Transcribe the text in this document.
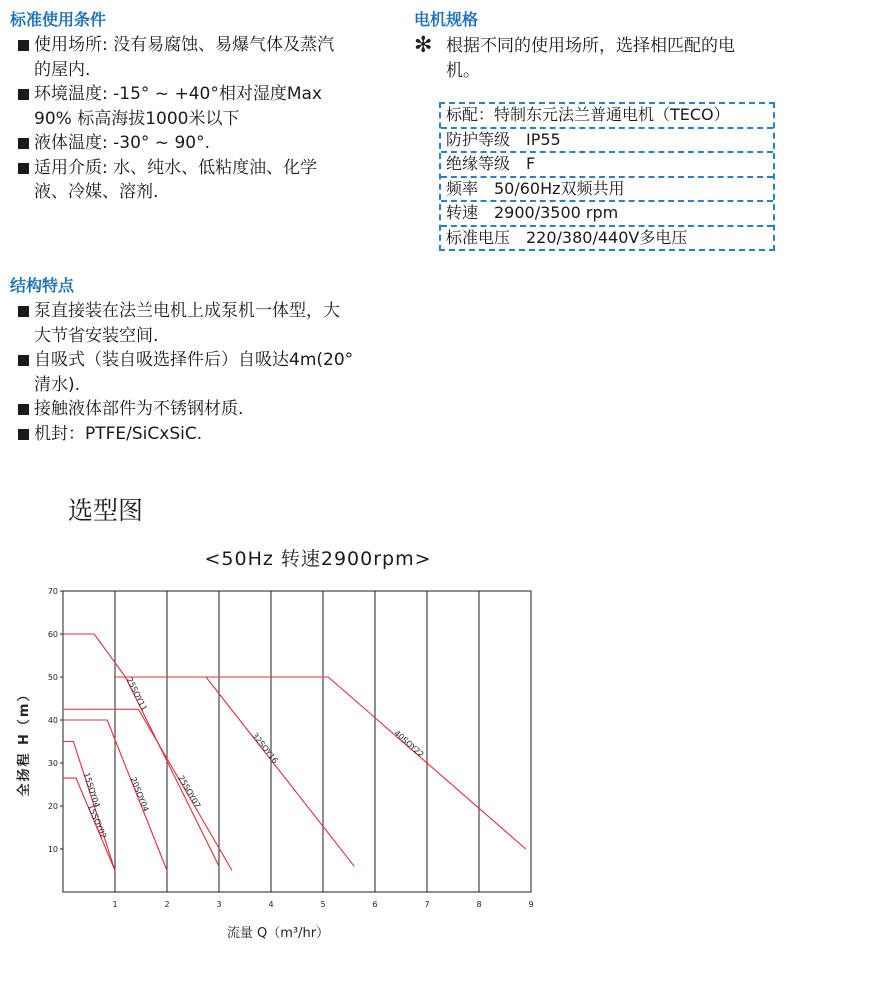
标准使用条件
使用场所: 没有易腐蚀、易爆气体及蒸汽的屋内.
环境温度: -15° ~ +40°相对湿度Max 90% 标高海拔1000米以下
液体温度: -30° ~ 90°.
适用介质: 水、纯水、低粘度油、化学液、冷媒、溶剂.
电机规格
✻ 根据不同的使用场所，选择相匹配的电机。
标配：特制东元法兰普通电机（TECO）
防护等级　IP55
绝缘等级　F
频率　50/60Hz双频共用
转速　2900/3500 rpm
标准电压　220/380/440V多电压
结构特点
泵直接装在法兰电机上成泵机一体型，大大节省安装空间.
自吸式（装自吸选择件后）自吸达4m(20°清水).
接触液体部件为不锈钢材质.
机封：PTFE/SiCxSiC.
选型图

<50Hz 转速2900rpm>

1	2	3	4	5	6	7	8	9
10
20
30
40
50
60
70
流量 Q（m³/hr）
全扬程 H（m）
15SOY02
15SOY04	20SOY04	25SOY07
25SOY11
32SOY16	40SOY22
